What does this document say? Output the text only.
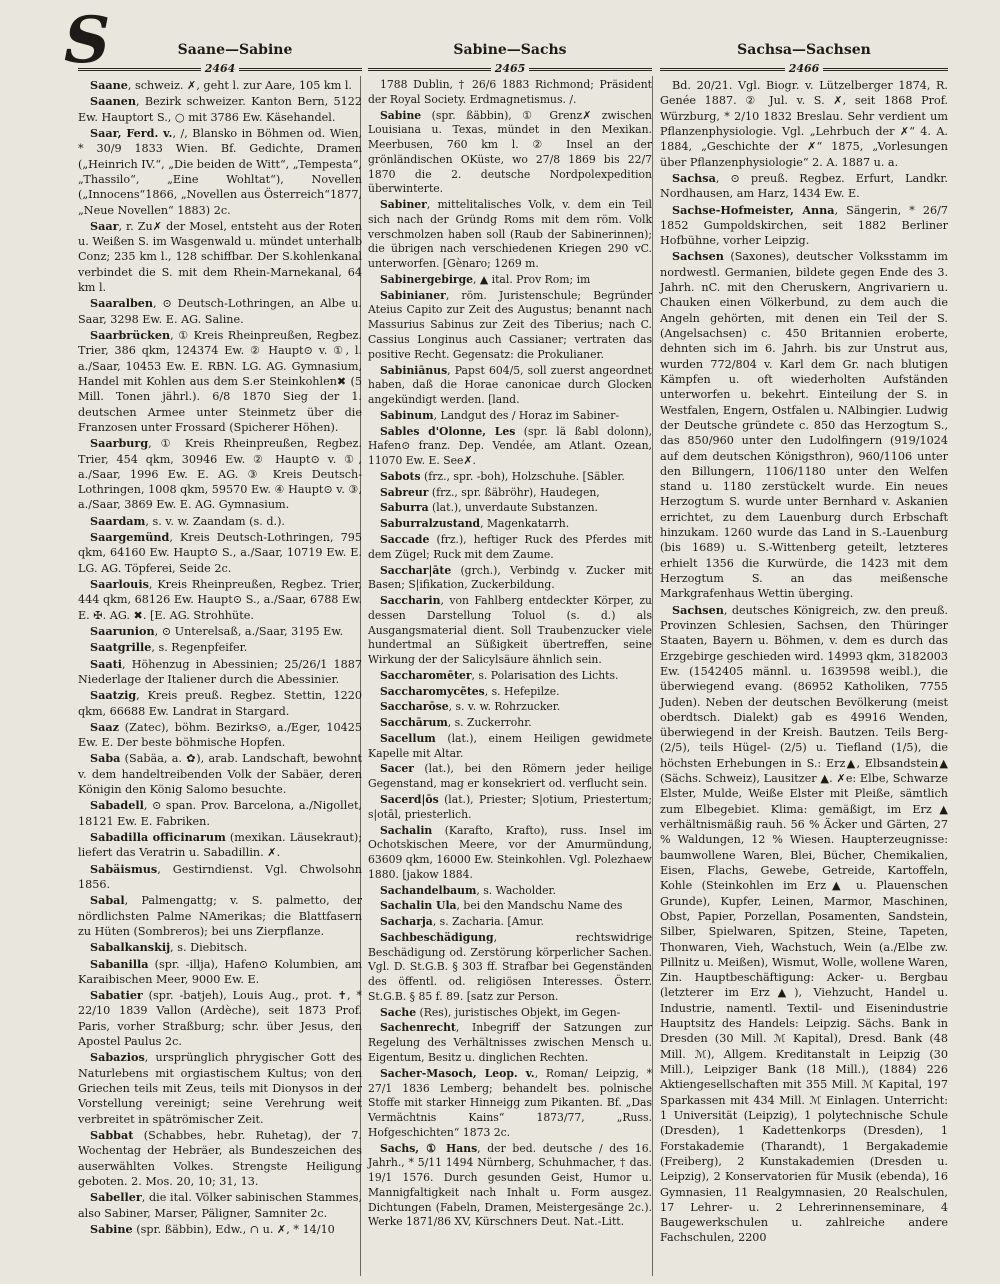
S	Saane—Sabine
2464

Saane, schweiz. ✗, geht l. zur Aare, 105 km l.

Saanen, Bezirk schweizer. Kanton Bern, 5122 Ew. Hauptort S., ○ mit 3786 Ew. Käsehandel.

Saar, Ferd. v., /, Blansko in Böhmen od. Wien, * 30/9 1833 Wien. Bf. Gedichte, Dramen („Heinrich IV.“, „Die beiden de Witt“, „Tempesta“, „Thassilo“, „Eine Wohltat“), Novellen („Innocens“1866, „Novellen aus Österreich“1877, „Neue Novellen“ 1883) 2c.

Saar, r. Zu✗ der Mosel, entsteht aus der Roten u. Weißen S. im Wasgenwald u. mündet unterhalb Conz; 235 km l., 128 schiffbar. Der S.kohlenkanal verbindet die S. mit dem Rhein-Marnekanal, 64 km l.

Saaralben, ⊙ Deutsch-Lothringen, an Albe u. Saar, 3298 Ew. E. AG. Saline.

Saarbrücken, ① Kreis Rheinpreußen, Regbez. Trier, 386 qkm, 124374 Ew. ② Haupt⊙ v. ①, l. a./Saar, 10453 Ew. E. RBN. LG. AG. Gymnasium, Handel mit Kohlen aus dem S.er Steinkohlen✖ (5 Mill. Tonen jährl.). 6/8 1870 Sieg der 1. deutschen Armee unter Steinmetz über die Franzosen unter Frossard (Spicherer Höhen).

Saarburg, ① Kreis Rheinpreußen, Regbez. Trier, 454 qkm, 30946 Ew. ② Haupt⊙ v. ①, a./Saar, 1996 Ew. E. AG. ③ Kreis Deutsch-Lothringen, 1008 qkm, 59570 Ew. ④ Haupt⊙ v. ③, a./Saar, 3869 Ew. E. AG. Gymnasium.

Saardam, s. v. w. Zaandam (s. d.).

Saargemünd, Kreis Deutsch-Lothringen, 795 qkm, 64160 Ew. Haupt⊙ S., a./Saar, 10719 Ew. E. LG. AG. Töpferei, Seide 2c.

Saarlouis, Kreis Rheinpreußen, Regbez. Trier, 444 qkm, 68126 Ew. Haupt⊙ S., a./Saar, 6788 Ew. E. ✠. AG. ✖. [E. AG. Strohhüte.

Saarunion, ⊙ Unterelsaß, a./Saar, 3195 Ew.

Saatgrille, s. Regenpfeifer.

Saati, Höhenzug in Abessinien; 25/26/1 1887 Niederlage der Italiener durch die Abessinier.

Saatzig, Kreis preuß. Regbez. Stettin, 1220 qkm, 66688 Ew. Landrat in Stargard.

Saaz (Zatec), böhm. Bezirks⊙, a./Eger, 10425 Ew. E. Der beste böhmische Hopfen.

Saba (Sabäa, a. ✿), arab. Landschaft, bewohnt v. dem handeltreibenden Volk der Sabäer, deren Königin den König Salomo besuchte.

Sabadell, ⊙ span. Prov. Barcelona, a./Nigollet, 18121 Ew. E. Fabriken.

Sabadilla officinarum (mexikan. Läusekraut); liefert das Veratrin u. Sabadillin. ✗.

Sabäismus, Gestirndienst. Vgl. Chwolsohn 1856.

Sabal, Palmengattg; v. S. palmetto, der nördlichsten Palme NAmerikas; die Blattfasern zu Hüten (Sombreros); bei uns Zierpflanze.

Sabalkanskij, s. Diebitsch.

Sabanilla (spr. -illja), Hafen⊙ Kolumbien, am Karaibischen Meer, 9000 Ew. E.

Sabatier (spr. -batjeh), Louis Aug., prot. ✝, * 22/10 1839 Vallon (Ardèche), seit 1873 Prof. Paris, vorher Straßburg; schr. über Jesus, den Apostel Paulus 2c.

Sabazios, ursprünglich phrygischer Gott des Naturlebens mit orgiastischem Kultus; von den Griechen teils mit Zeus, teils mit Dionysos in der Vorstellung vereinigt; seine Verehrung weit verbreitet in spätrömischer Zeit.

Sabbat (Schabbes, hebr. Ruhetag), der 7. Wochentag der Hebräer, als Bundeszeichen des auserwählten Volkes. Strengste Heiligung geboten. 2. Mos. 20, 10; 31, 13.

Sabeller, die ital. Völker sabinischen Stammes, also Sabiner, Marser, Päligner, Samniter 2c.

Sabine (spr. ßäbbin), Edw., ∩ u. ✗, * 14/10

Sabine—Sachs
2465

1788 Dublin, † 26/6 1883 Richmond; Präsident der Royal Society. Erdmagnetismus. /.

Sabine (spr. ßäbbin), ① Grenz✗ zwischen Louisiana u. Texas, mündet in den Mexikan. Meerbusen, 760 km l. ② Insel an der grönländischen OKüste, wo 27/8 1869 bis 22/7 1870 die 2. deutsche Nordpolexpedition überwinterte.

Sabiner, mittelitalisches Volk, v. dem ein Teil sich nach der Gründg Roms mit dem röm. Volk verschmolzen haben soll (Raub der Sabinerinnen); die übrigen nach verschiedenen Kriegen 290 vC. unterworfen. [Gènaro; 1269 m.

Sabinergebirge, ▲ ital. Prov Rom; im

Sabinianer, röm. Juristenschule; Begründer Ateius Capito zur Zeit des Augustus; benannt nach Massurius Sabinus zur Zeit des Tiberius; nach C. Cassius Longinus auch Cassianer; vertraten das positive Recht. Gegensatz: die Prokulianer.

Sabiniānus, Papst 604/5, soll zuerst angeordnet haben, daß die Horae canonicae durch Glocken angekündigt werden. [land.

Sabinum, Landgut des / Horaz im Sabiner-

Sables d'Olonne, Les (spr. lä ßabl dolonn), Hafen⊙ franz. Dep. Vendée, am Atlant. Ozean, 11070 Ew. E. See✗.

Sabots (frz., spr. -boh), Holzschuhe. [Säbler.

Sabreur (frz., spr. ßäbröhr), Haudegen,

Saburra (lat.), unverdaute Substanzen.

Saburralzustand, Magenkatarrh.

Saccade (frz.), heftiger Ruck des Pferdes mit dem Zügel; Ruck mit dem Zaume.

Sacchar|āte (grch.), Verbindg v. Zucker mit Basen; S|ifikation, Zuckerbildung.

Saccharin, von Fahlberg entdeckter Körper, zu dessen Darstellung Toluol (s. d.) als Ausgangsmaterial dient. Soll Traubenzucker viele hundertmal an Süßigkeit übertreffen, seine Wirkung der der Salicylsäure ähnlich sein.

Saccharomēter, s. Polarisation des Lichts.

Saccharomycētes, s. Hefepilze.

Saccharōse, s. v. w. Rohrzucker.

Sacchārum, s. Zuckerrohr.

Sacellum (lat.), einem Heiligen gewidmete Kapelle mit Altar.

Sacer (lat.), bei den Römern jeder heilige Gegenstand, mag er konsekriert od. verflucht sein.

Sacerd|ōs (lat.), Priester; S|otium, Priestertum; s|otāl, priesterlich.

Sachalin (Karafto, Krafto), russ. Insel im Ochotskischen Meere, vor der Amurmündung, 63609 qkm, 16000 Ew. Steinkohlen. Vgl. Polezhaew 1880. [jakow 1884.

Sachandelbaum, s. Wacholder.

Sachalin Ula, bei den Mandschu Name des

Sacharja, s. Zacharia. [Amur.

Sachbeschädigung, rechtswidrige Beschädigung od. Zerstörung körperlicher Sachen. Vgl. D. St.G.B. § 303 ff. Strafbar bei Gegenständen des öffentl. od. religiösen Interesses. Österr. St.G.B. § 85 f. 89. [satz zur Person.

Sache (Res), juristisches Objekt, im Gegen-

Sachenrecht, Inbegriff der Satzungen zur Regelung des Verhältnisses zwischen Mensch u. Eigentum, Besitz u. dinglichen Rechten.

Sacher-Masoch, Leop. v., Roman/ Leipzig, * 27/1 1836 Lemberg; behandelt bes. polnische Stoffe mit starker Hinneigg zum Pikanten. Bf. „Das Vermächtnis Kains“ 1873/77, „Russ. Hofgeschichten“ 1873 2c.

Sachs, ① Hans, der bed. deutsche / des 16. Jahrh., * 5/11 1494 Nürnberg, Schuhmacher, † das. 19/1 1576. Durch gesunden Geist, Humor u. Mannigfaltigkeit nach Inhalt u. Form ausgez. Dichtungen (Fabeln, Dramen, Meistergesänge 2c.). Werke 1871/86 XV, Kürschners Deut. Nat.-Litt.

Sachsa—Sachsen
2466

Bd. 20/21. Vgl. Biogr. v. Lützelberger 1874, R. Genée 1887. ② Jul. v. S. ✗, seit 1868 Prof. Würzburg, * 2/10 1832 Breslau. Sehr verdient um Pflanzenphysiologie. Vgl. „Lehrbuch der ✗“ 4. A. 1884, „Geschichte der ✗“ 1875, „Vorlesungen über Pflanzenphysiologie“ 2. A. 1887 u. a.

Sachsa, ⊙ preuß. Regbez. Erfurt, Landkr. Nordhausen, am Harz, 1434 Ew. E.

Sachse-Hofmeister, Anna, Sängerin, * 26/7 1852 Gumpoldskirchen, seit 1882 Berliner Hofbühne, vorher Leipzig.

Sachsen (Saxones), deutscher Volksstamm im nordwestl. Germanien, bildete gegen Ende des 3. Jahrh. nC. mit den Cheruskern, Angrivariern u. Chauken einen Völkerbund, zu dem auch die Angeln gehörten, mit denen ein Teil der S. (Angelsachsen) c. 450 Britannien eroberte, dehnten sich im 6. Jahrh. bis zur Unstrut aus, wurden 772/804 v. Karl dem Gr. nach blutigen Kämpfen u. oft wiederholten Aufständen unterworfen u. bekehrt. Einteilung der S. in Westfalen, Engern, Ostfalen u. NAlbingier. Ludwig der Deutsche gründete c. 850 das Herzogtum S., das 850/960 unter den Ludolfingern (919/1024 auf dem deutschen Königsthron), 960/1106 unter den Billungern, 1106/1180 unter den Welfen stand u. 1180 zerstückelt wurde. Ein neues Herzogtum S. wurde unter Bernhard v. Askanien errichtet, zu dem Lauenburg durch Erbschaft hinzukam. 1260 wurde das Land in S.-Lauenburg (bis 1689) u. S.-Wittenberg geteilt, letzteres erhielt 1356 die Kurwürde, die 1423 mit dem Herzogtum S. an das meißensche Markgrafenhaus Wettin überging.

Sachsen, deutsches Königreich, zw. den preuß. Provinzen Schlesien, Sachsen, den Thüringer Staaten, Bayern u. Böhmen, v. dem es durch das Erzgebirge geschieden wird. 14993 qkm, 3182003 Ew. (1542405 männl. u. 1639598 weibl.), die überwiegend evang. (86952 Katholiken, 7755 Juden). Neben der deutschen Bevölkerung (meist oberdtsch. Dialekt) gab es 49916 Wenden, überwiegend in der Kreish. Bautzen. Teils Berg- (2/5), teils Hügel- (2/5) u. Tiefland (1/5), die höchsten Erhebungen in S.: Erz▲, Elbsandstein▲ (Sächs. Schweiz), Lausitzer ▲. ✗e: Elbe, Schwarze Elster, Mulde, Weiße Elster mit Pleiße, sämtlich zum Elbegebiet. Klima: gemäßigt, im Erz▲ verhältnismäßig rauh. 56 % Äcker und Gärten, 27 % Waldungen, 12 % Wiesen. Haupterzeugnisse: baumwollene Waren, Blei, Bücher, Chemikalien, Eisen, Flachs, Gewebe, Getreide, Kartoffeln, Kohle (Steinkohlen im Erz▲ u. Plauenschen Grunde), Kupfer, Leinen, Marmor, Maschinen, Obst, Papier, Porzellan, Posamenten, Sandstein, Silber, Spielwaren, Spitzen, Steine, Tapeten, Thonwaren, Vieh, Wachstuch, Wein (a./Elbe zw. Pillnitz u. Meißen), Wismut, Wolle, wollene Waren, Zin. Hauptbeschäftigung: Acker- u. Bergbau (letzterer im Erz▲), Viehzucht, Handel u. Industrie, namentl. Textil- und Eisenindustrie Hauptsitz des Handels: Leipzig. Sächs. Bank in Dresden (30 Mill. ℳ Kapital), Dresd. Bank (48 Mill. ℳ), Allgem. Kreditanstalt in Leipzig (30 Mill.), Leipziger Bank (18 Mill.), (1884) 226 Aktiengesellschaften mit 355 Mill. ℳ Kapital, 197 Sparkassen mit 434 Mill. ℳ Einlagen. Unterricht: 1 Universität (Leipzig), 1 polytechnische Schule (Dresden), 1 Kadettenkorps (Dresden), 1 Forstakademie (Tharandt), 1 Bergakademie (Freiberg), 2 Kunstakademien (Dresden u. Leipzig), 2 Konservatorien für Musik (ebenda), 16 Gymnasien, 11 Realgymnasien, 20 Realschulen, 17 Lehrer- u. 2 Lehrerinnenseminare, 4 Baugewerkschulen u. zahlreiche andere Fachschulen, 2200
